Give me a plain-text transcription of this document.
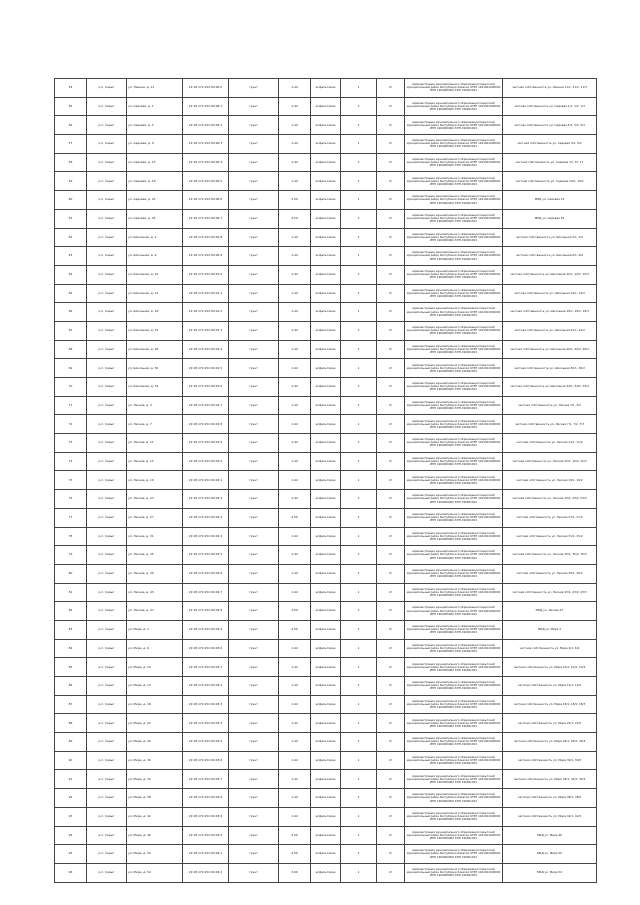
54	р.п. Сарыг	ул. Ленина, д. 11	22:18:174:152:00:00:0	грунт	1,44	асфальтовое	1	IV	Администрация муниципального образования Сарыгский муниципальный район Республики Хакасия ОГРН 1021901000000 ИНН 1909000000 КПП 190901001	частная собственность ул. Ленина 11/1, 11/2, 11/3
55	р.п. Сарыг	ул. Садовая, д. 1	22:18:174:152:00:00:1	грунт	1,44	асфальтовое	1	IV	Администрация муниципального образования Сарыгский муниципальный район Республики Хакасия ОГРН 1021901000000 ИНН 1909000000 КПП 190901001	частная собственность ул. Садовая 1/1, 1/2, 1/3
56	р.п. Сарыг	ул. Садовая, д. 5	22:18:174:152:00:00:2	грунт	1,44	асфальтовое	1	IV	Администрация муниципального образования Сарыгский муниципальный район Республики Хакасия ОГРН 1021901000000 ИНН 1909000000 КПП 190901001	частная собственность ул. Садовая 5/1, 5/2, 5/3
57	р.п. Сарыг	ул. Садовая, д. 9	22:18:174:152:00:00:3	грунт	1,44	асфальтовое	1	IV	Администрация муниципального образования Сарыгский муниципальный район Республики Хакасия ОГРН 1021901000000 ИНН 1909000000 КПП 190901001	частная собственность ул. Садовая 9/1, 9/2
58	р.п. Сарыг	ул. Садовая, д. 13	22:18:174:152:00:00:4	грунт	1,44	асфальтовое	1	IV	Администрация муниципального образования Сарыгский муниципальный район Республики Хакасия ОГРН 1021901000000 ИНН 1909000000 КПП 190901001	частная собственность ул. Садовая 13, 15, 17
59	р.п. Сарыг	ул. Садовая, д. 19	22:18:174:152:00:00:5	грунт	1,44	асфальтовое	1	IV	Администрация муниципального образования Сарыгский муниципальный район Республики Хакасия ОГРН 1021901000000 ИНН 1909000000 КПП 190901001	частная собственность ул. Садовая 19/1, 19/2
60	р.п. Сарыг	ул. Садовая, д. 23	22:18:174:152:00:00:6	грунт	3,00	асфальтовое	1	IV	Администрация муниципального образования Сарыгский муниципальный район Республики Хакасия ОГРН 1021901000000 ИНН 1909000000 КПП 190901001	МКД ул. Садовая 23
61	р.п. Сарыг	ул. Садовая, д. 25	22:18:174:152:00:00:7	грунт	4,20	асфальтовое	1	IV	Администрация муниципального образования Сарыгский муниципальный район Республики Хакасия ОГРН 1021901000000 ИНН 1909000000 КПП 190901001	МКД ул. Садовая 25
62	р.п. Сарыг	ул. Школьная, д. 2	22:18:174:152:00:00:8	грунт	1,44	асфальтовое	1	IV	Администрация муниципального образования Сарыгский муниципальный район Республики Хакасия ОГРН 1021901000000 ИНН 1909000000 КПП 190901001	частная собственность ул. Школьная 2/1, 2/2
63	р.п. Сарыг	ул. Школьная, д. 6	22:18:174:152:00:00:9	грунт	1,44	асфальтовое	1	IV	Администрация муниципального образования Сарыгский муниципальный район Республики Хакасия ОГРН 1021901000000 ИНН 1909000000 КПП 190901001	частная собственность ул. Школьная 6/1, 6/2
64	р.п. Сарыг	ул. Школьная, д. 10	22:18:174:152:00:01:0	грунт	1,44	асфальтовое	1	IV	Администрация муниципального образования Сарыгский муниципальный район Республики Хакасия ОГРН 1021901000000 ИНН 1909000000 КПП 190901001	частная собственность ул. Школьная 10/1, 10/2, 10/3
65	р.п. Сарыг	ул. Школьная, д. 14	22:18:174:152:00:01:1	грунт	1,44	асфальтовое	1	IV	Администрация муниципального образования Сарыгский муниципальный район Республики Хакасия ОГРН 1021901000000 ИНН 1909000000 КПП 190901001	частная собственность ул. Школьная 14/1, 14/2
66	р.п. Сарыг	ул. Школьная, д. 18	22:18:174:152:00:01:2	грунт	1,44	асфальтовое	1	IV	Администрация муниципального образования Сарыгский муниципальный район Республики Хакасия ОГРН 1021901000000 ИНН 1909000000 КПП 190901001	частная собственность ул. Школьная 18/1, 18/2, 18/3
67	р.п. Сарыг	ул. Школьная, д. 22	22:18:174:152:00:01:3	грунт	1,44	асфальтовое	1	IV	Администрация муниципального образования Сарыгский муниципальный район Республики Хакасия ОГРН 1021901000000 ИНН 1909000000 КПП 190901001	частная собственность ул. Школьная 22/1, 22/2
68	р.п. Сарыг	ул. Школьная, д. 26	22:18:174:152:00:01:4	грунт	1,44	асфальтовое	1	IV	Администрация муниципального образования Сарыгский муниципальный район Республики Хакасия ОГРН 1021901000000 ИНН 1909000000 КПП 190901001	частная собственность ул. Школьная 26/1, 26/2, 26/3
69	р.п. Сарыг	ул. Школьная, д. 30	22:18:174:152:00:01:5	грунт	1,44	асфальтовое	1	IV	Администрация муниципального образования Сарыгский муниципальный район Республики Хакасия ОГРН 1021901000000 ИНН 1909000000 КПП 190901001	частная собственность ул. Школьная 30/1, 30/2
70	р.п. Сарыг	ул. Школьная, д. 34	22:18:174:152:00:01:6	грунт	1,44	асфальтовое	1	IV	Администрация муниципального образования Сарыгский муниципальный район Республики Хакасия ОГРН 1021901000000 ИНН 1909000000 КПП 190901001	частная собственность ул. Школьная 34/1, 34/2, 34/3
71	р.п. Сарыг	ул. Лесная, д. 3	22:18:174:152:00:01:7	грунт	1,44	асфальтовое	1	IV	Администрация муниципального образования Сарыгский муниципальный район Республики Хакасия ОГРН 1021901000000 ИНН 1909000000 КПП 190901001	частная собственность ул. Лесная 3/1, 3/2
72	р.п. Сарыг	ул. Лесная, д. 7	22:18:174:152:00:01:8	грунт	1,44	асфальтовое	1	IV	Администрация муниципального образования Сарыгский муниципальный район Республики Хакасия ОГРН 1021901000000 ИНН 1909000000 КПП 190901001	частная собственность ул. Лесная 7/1, 7/2, 7/3
73	р.п. Сарыг	ул. Лесная, д. 11	22:18:174:152:00:01:9	грунт	1,44	асфальтовое	1	IV	Администрация муниципального образования Сарыгский муниципальный район Республики Хакасия ОГРН 1021901000000 ИНН 1909000000 КПП 190901001	частная собственность ул. Лесная 11/1, 11/2
74	р.п. Сарыг	ул. Лесная, д. 15	22:18:174:152:00:02:0	грунт	1,44	асфальтовое	1	IV	Администрация муниципального образования Сарыгский муниципальный район Республики Хакасия ОГРН 1021901000000 ИНН 1909000000 КПП 190901001	частная собственность ул. Лесная 15/1, 15/2, 15/3
75	р.п. Сарыг	ул. Лесная, д. 19	22:18:174:152:00:02:1	грунт	1,44	асфальтовое	1	IV	Администрация муниципального образования Сарыгский муниципальный район Республики Хакасия ОГРН 1021901000000 ИНН 1909000000 КПП 190901001	частная собственность ул. Лесная 19/1, 19/2
76	р.п. Сарыг	ул. Лесная, д. 23	22:18:174:152:00:02:2	грунт	1,44	асфальтовое	1	IV	Администрация муниципального образования Сарыгский муниципальный район Республики Хакасия ОГРН 1021901000000 ИНН 1909000000 КПП 190901001	частная собственность ул. Лесная 23/1, 23/2, 23/3
77	р.п. Сарыг	ул. Лесная, д. 27	22:18:174:152:00:02:3	грунт	3,00	асфальтовое	1	IV	Администрация муниципального образования Сарыгский муниципальный район Республики Хакасия ОГРН 1021901000000 ИНН 1909000000 КПП 190901001	частная собственность ул. Лесная 27/1, 27/2
78	р.п. Сарыг	ул. Лесная, д. 31	22:18:174:152:00:02:4	грунт	1,44	асфальтовое	1	IV	Администрация муниципального образования Сарыгский муниципальный район Республики Хакасия ОГРН 1021901000000 ИНН 1909000000 КПП 190901001	частная собственность ул. Лесная 31/1, 31/2
79	р.п. Сарыг	ул. Лесная, д. 35	22:18:174:152:00:02:5	грунт	1,44	асфальтовое	1	IV	Администрация муниципального образования Сарыгский муниципальный район Республики Хакасия ОГРН 1021901000000 ИНН 1909000000 КПП 190901001	частная собственность ул. Лесная 35/1, 35/2, 35/3
80	р.п. Сарыг	ул. Лесная, д. 39	22:18:174:152:00:02:6	грунт	1,44	асфальтовое	1	IV	Администрация муниципального образования Сарыгский муниципальный район Республики Хакасия ОГРН 1021901000000 ИНН 1909000000 КПП 190901001	частная собственность ул. Лесная 39/1, 39/2
81	р.п. Сарыг	ул. Лесная, д. 43	22:18:174:152:00:02:7	грунт	1,44	асфальтовое	1	IV	Администрация муниципального образования Сарыгский муниципальный район Республики Хакасия ОГРН 1021901000000 ИНН 1909000000 КПП 190901001	частная собственность ул. Лесная 43/1, 43/2, 43/3
82	р.п. Сарыг	ул. Лесная, д. 47	22:18:174:152:00:02:8	грунт	3,00	асфальтовое	1	IV	Администрация муниципального образования Сарыгский муниципальный район Республики Хакасия ОГРН 1021901000000 ИНН 1909000000 КПП 190901001	МКД ул. Лесная 47
83	р.п. Сарыг	ул. Мира, д. 2	22:18:174:152:00:02:9	грунт	3,00	асфальтовое	1	IV	Администрация муниципального образования Сарыгский муниципальный район Республики Хакасия ОГРН 1021901000000 ИНН 1909000000 КПП 190901001	МКД ул. Мира 2
84	р.п. Сарыг	ул. Мира, д. 6	22:18:174:152:00:03:0	грунт	1,44	асфальтовое	1	IV	Администрация муниципального образования Сарыгский муниципальный район Республики Хакасия ОГРН 1021901000000 ИНН 1909000000 КПП 190901001	частная собственность ул. Мира 6/1, 6/2
85	р.п. Сарыг	ул. Мира, д. 10	22:18:174:152:00:03:1	грунт	1,44	асфальтовое	1	IV	Администрация муниципального образования Сарыгский муниципальный район Республики Хакасия ОГРН 1021901000000 ИНН 1909000000 КПП 190901001	частная собственность ул. Мира 10/1, 10/2, 10/3
86	р.п. Сарыг	ул. Мира, д. 14	22:18:174:152:00:03:2	грунт	1,44	асфальтовое	1	IV	Администрация муниципального образования Сарыгский муниципальный район Республики Хакасия ОГРН 1021901000000 ИНН 1909000000 КПП 190901001	частная собственность ул. Мира 14/1, 14/2
87	р.п. Сарыг	ул. Мира, д. 18	22:18:174:152:00:03:3	грунт	1,44	асфальтовое	1	IV	Администрация муниципального образования Сарыгский муниципальный район Республики Хакасия ОГРН 1021901000000 ИНН 1909000000 КПП 190901001	частная собственность ул. Мира 18/1, 18/2, 18/3
88	р.п. Сарыг	ул. Мира, д. 22	22:18:174:152:00:03:4	грунт	1,44	асфальтовое	1	IV	Администрация муниципального образования Сарыгский муниципальный район Республики Хакасия ОГРН 1021901000000 ИНН 1909000000 КПП 190901001	частная собственность ул. Мира 22/1, 22/2
89	р.п. Сарыг	ул. Мира, д. 26	22:18:174:152:00:03:5	грунт	1,44	асфальтовое	1	IV	Администрация муниципального образования Сарыгский муниципальный район Республики Хакасия ОГРН 1021901000000 ИНН 1909000000 КПП 190901001	частная собственность ул. Мира 26/1, 26/2, 26/3
90	р.п. Сарыг	ул. Мира, д. 30	22:18:174:152:00:03:6	грунт	1,44	асфальтовое	1	IV	Администрация муниципального образования Сарыгский муниципальный район Республики Хакасия ОГРН 1021901000000 ИНН 1909000000 КПП 190901001	частная собственность ул. Мира 30/1, 30/2
91	р.п. Сарыг	ул. Мира, д. 34	22:18:174:152:00:03:7	грунт	1,44	асфальтовое	1	IV	Администрация муниципального образования Сарыгский муниципальный район Республики Хакасия ОГРН 1021901000000 ИНН 1909000000 КПП 190901001	частная собственность ул. Мира 34/1, 34/2, 34/3
92	р.п. Сарыг	ул. Мира, д. 38	22:18:174:152:00:03:8	грунт	1,44	асфальтовое	1	IV	Администрация муниципального образования Сарыгский муниципальный район Республики Хакасия ОГРН 1021901000000 ИНН 1909000000 КПП 190901001	частная собственность ул. Мира 38/1, 38/2
93	р.п. Сарыг	ул. Мира, д. 42	22:18:174:152:00:03:9	грунт	1,44	асфальтовое	1	IV	Администрация муниципального образования Сарыгский муниципальный район Республики Хакасия ОГРН 1021901000000 ИНН 1909000000 КПП 190901001	частная собственность ул. Мира 42/1, 42/2
94	р.п. Сарыг	ул. Мира, д. 46	22:18:174:152:00:04:0	грунт	3,00	асфальтовое	1	IV	Администрация муниципального образования Сарыгский муниципальный район Республики Хакасия ОГРН 1021901000000 ИНН 1909000000 КПП 190901001	МКД ул. Мира 46
95	р.п. Сарыг	ул. Мира, д. 50	22:18:174:152:00:04:1	грунт	3,00	асфальтовое	1	IV	Администрация муниципального образования Сарыгский муниципальный район Республики Хакасия ОГРН 1021901000000 ИНН 1909000000 КПП 190901001	МКД ул. Мира 50
96	р.п. Сарыг	ул. Мира, д. 54	22:18:174:152:00:04:2	грунт	3,00	асфальтовое	1	IV	Администрация муниципального образования Сарыгский муниципальный район Республики Хакасия ОГРН 1021901000000 ИНН 1909000000 КПП 190901001	МКД ул. Мира 54
